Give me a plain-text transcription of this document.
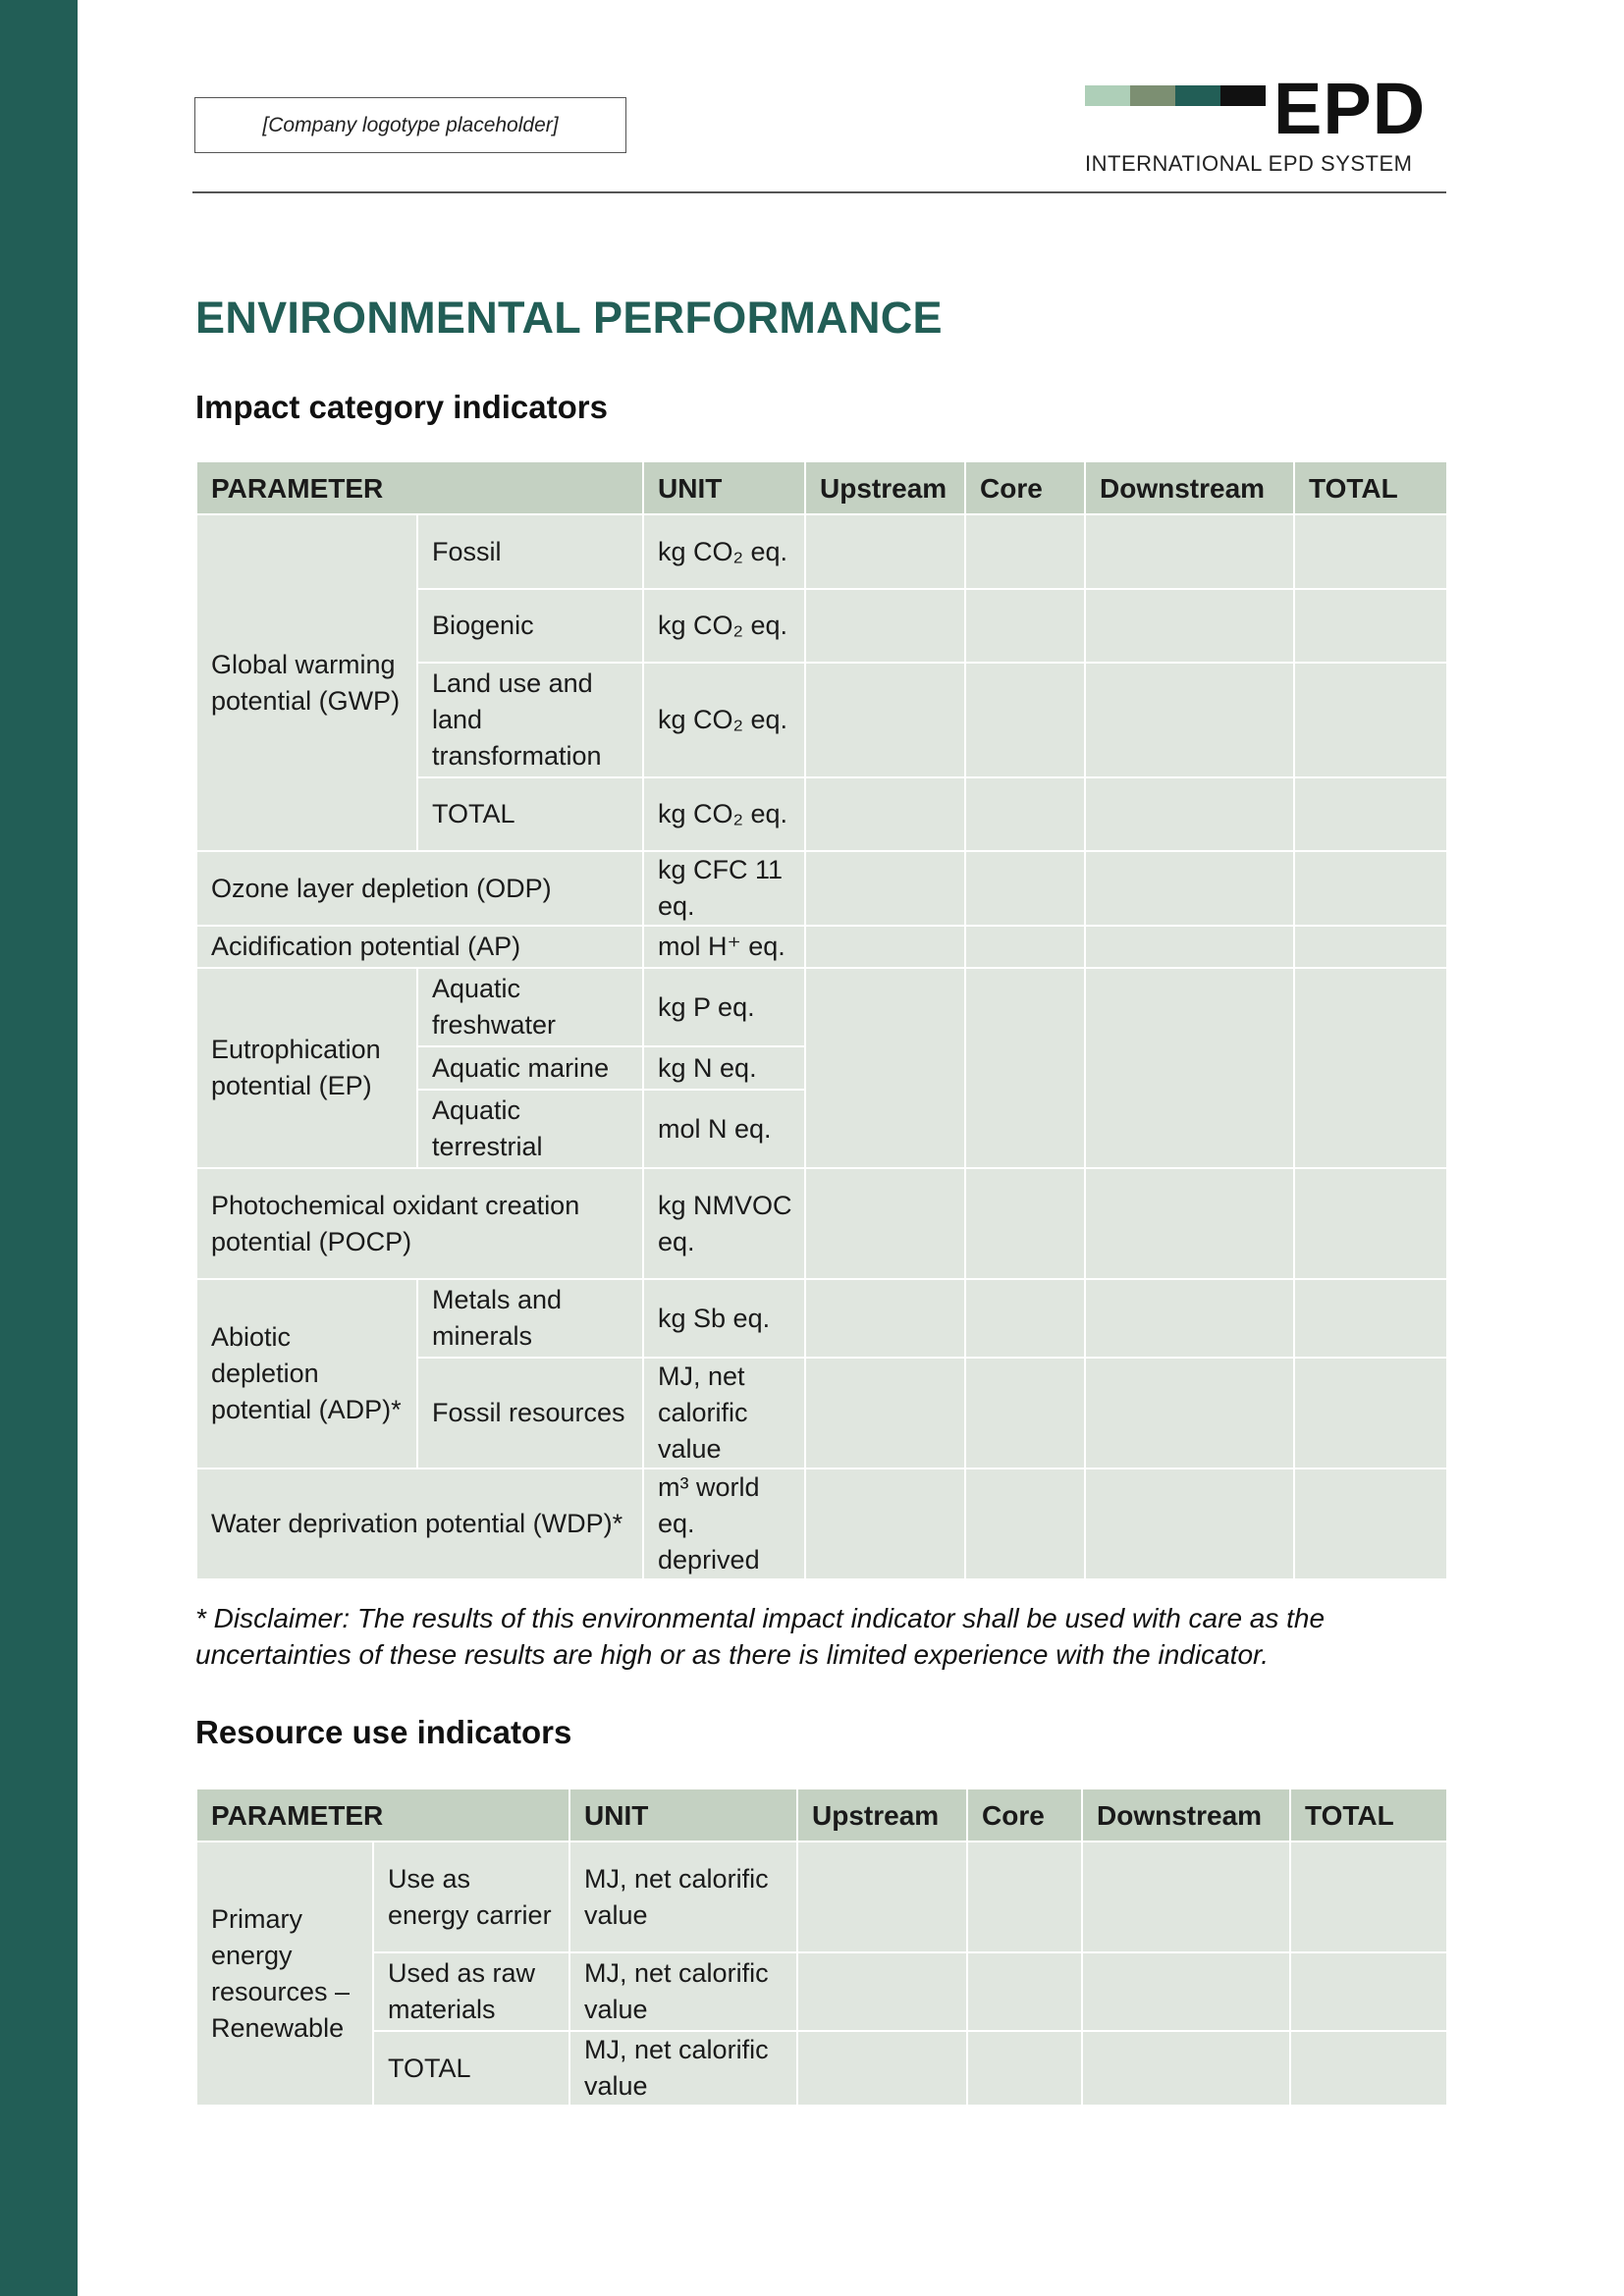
[Company logotype placeholder]	EPD
INTERNATIONAL EPD SYSTEM
ENVIRONMENTAL PERFORMANCE
Impact category indicators
PARAMETER		UNIT	Upstream	Core	Downstream	TOTAL
Global warming potential (GWP)	Fossil	kg CO₂ eq.				
	Biogenic	kg CO₂ eq.				
	Land use and land transformation	kg CO₂ eq.				
	TOTAL	kg CO₂ eq.				
Ozone layer depletion (ODP)		kg CFC 11 eq.				
Acidification potential (AP)		mol H⁺ eq.				
Eutrophication potential (EP)	Aquatic freshwater	kg P eq.				
	Aquatic marine	kg N eq.				
	Aquatic terrestrial	mol N eq.				
Photochemical oxidant creation potential (POCP)		kg NMVOC eq.				
Abiotic depletion potential (ADP)*	Metals and minerals	kg Sb eq.				
	Fossil resources	MJ, net calorific value				
Water deprivation potential (WDP)*		m³ world eq. deprived				

* Disclaimer: The results of this environmental impact indicator shall be used with care as the uncertainties of these results are high or as there is limited experience with the indicator.

Resource use indicators
PARAMETER		UNIT	Upstream	Core	Downstream	TOTAL
Primary energy resources – Renewable	Use as energy carrier	MJ, net calorific value				
	Used as raw materials	MJ, net calorific value				
	TOTAL	MJ, net calorific value				
